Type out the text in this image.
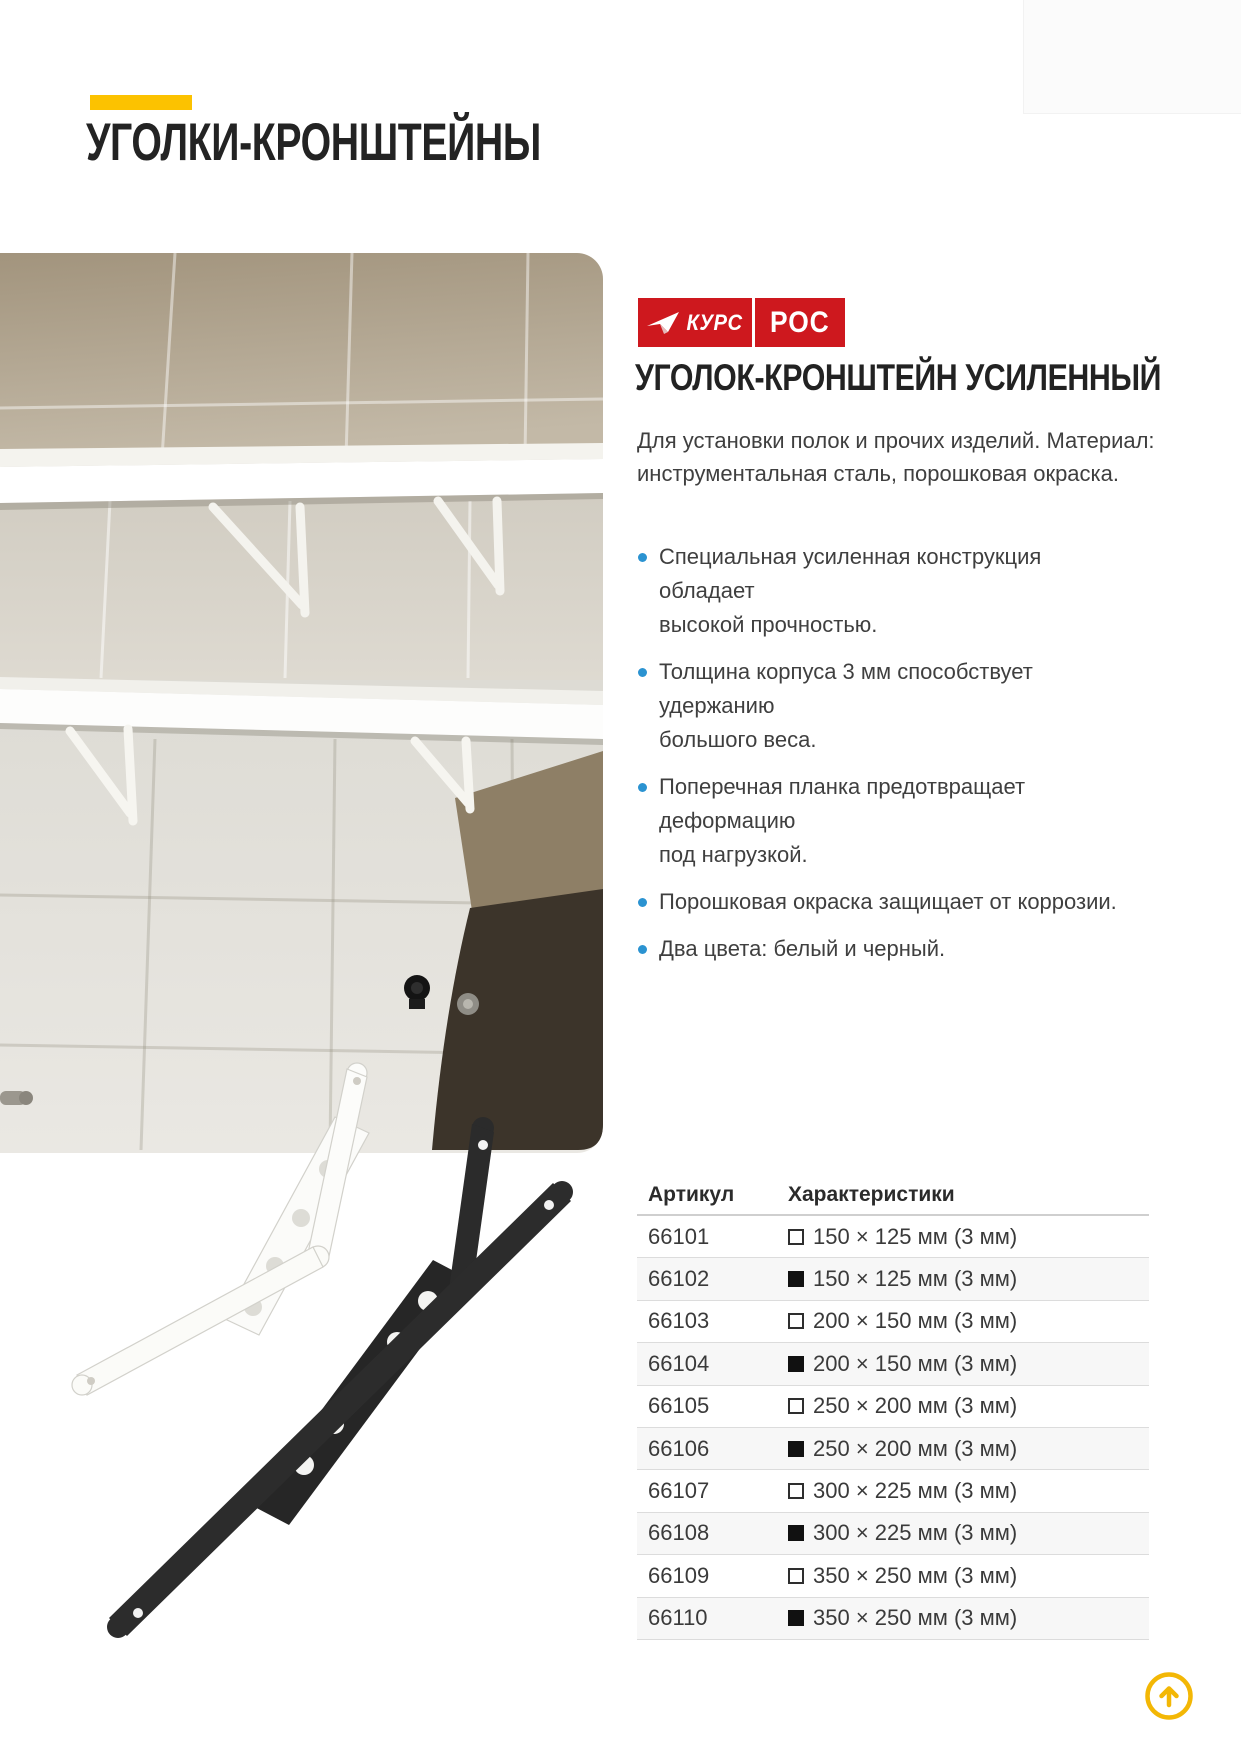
УГОЛКИ-КРОНШТЕЙНЫ
КУРС РОС
УГОЛОК-КРОНШТЕЙН УСИЛЕННЫЙ
Для установки полок и прочих изделий. Материал:
инструментальная сталь, порошковая окраска.
Специальная усиленная конструкция обладает
высокой прочностью.
Толщина корпуса 3 мм способствует удержанию
большого веса.
Поперечная планка предотвращает деформацию
под нагрузкой.
Порошковая окраска защищает от коррозии.
Два цвета: белый и черный.
Артикул	Характеристики
66101	150 × 125 мм (3 мм)
66102	150 × 125 мм (3 мм)
66103	200 × 150 мм (3 мм)
66104	200 × 150 мм (3 мм)
66105	250 × 200 мм (3 мм)
66106	250 × 200 мм (3 мм)
66107	300 × 225 мм (3 мм)
66108	300 × 225 мм (3 мм)
66109	350 × 250 мм (3 мм)
66110	350 × 250 мм (3 мм)
